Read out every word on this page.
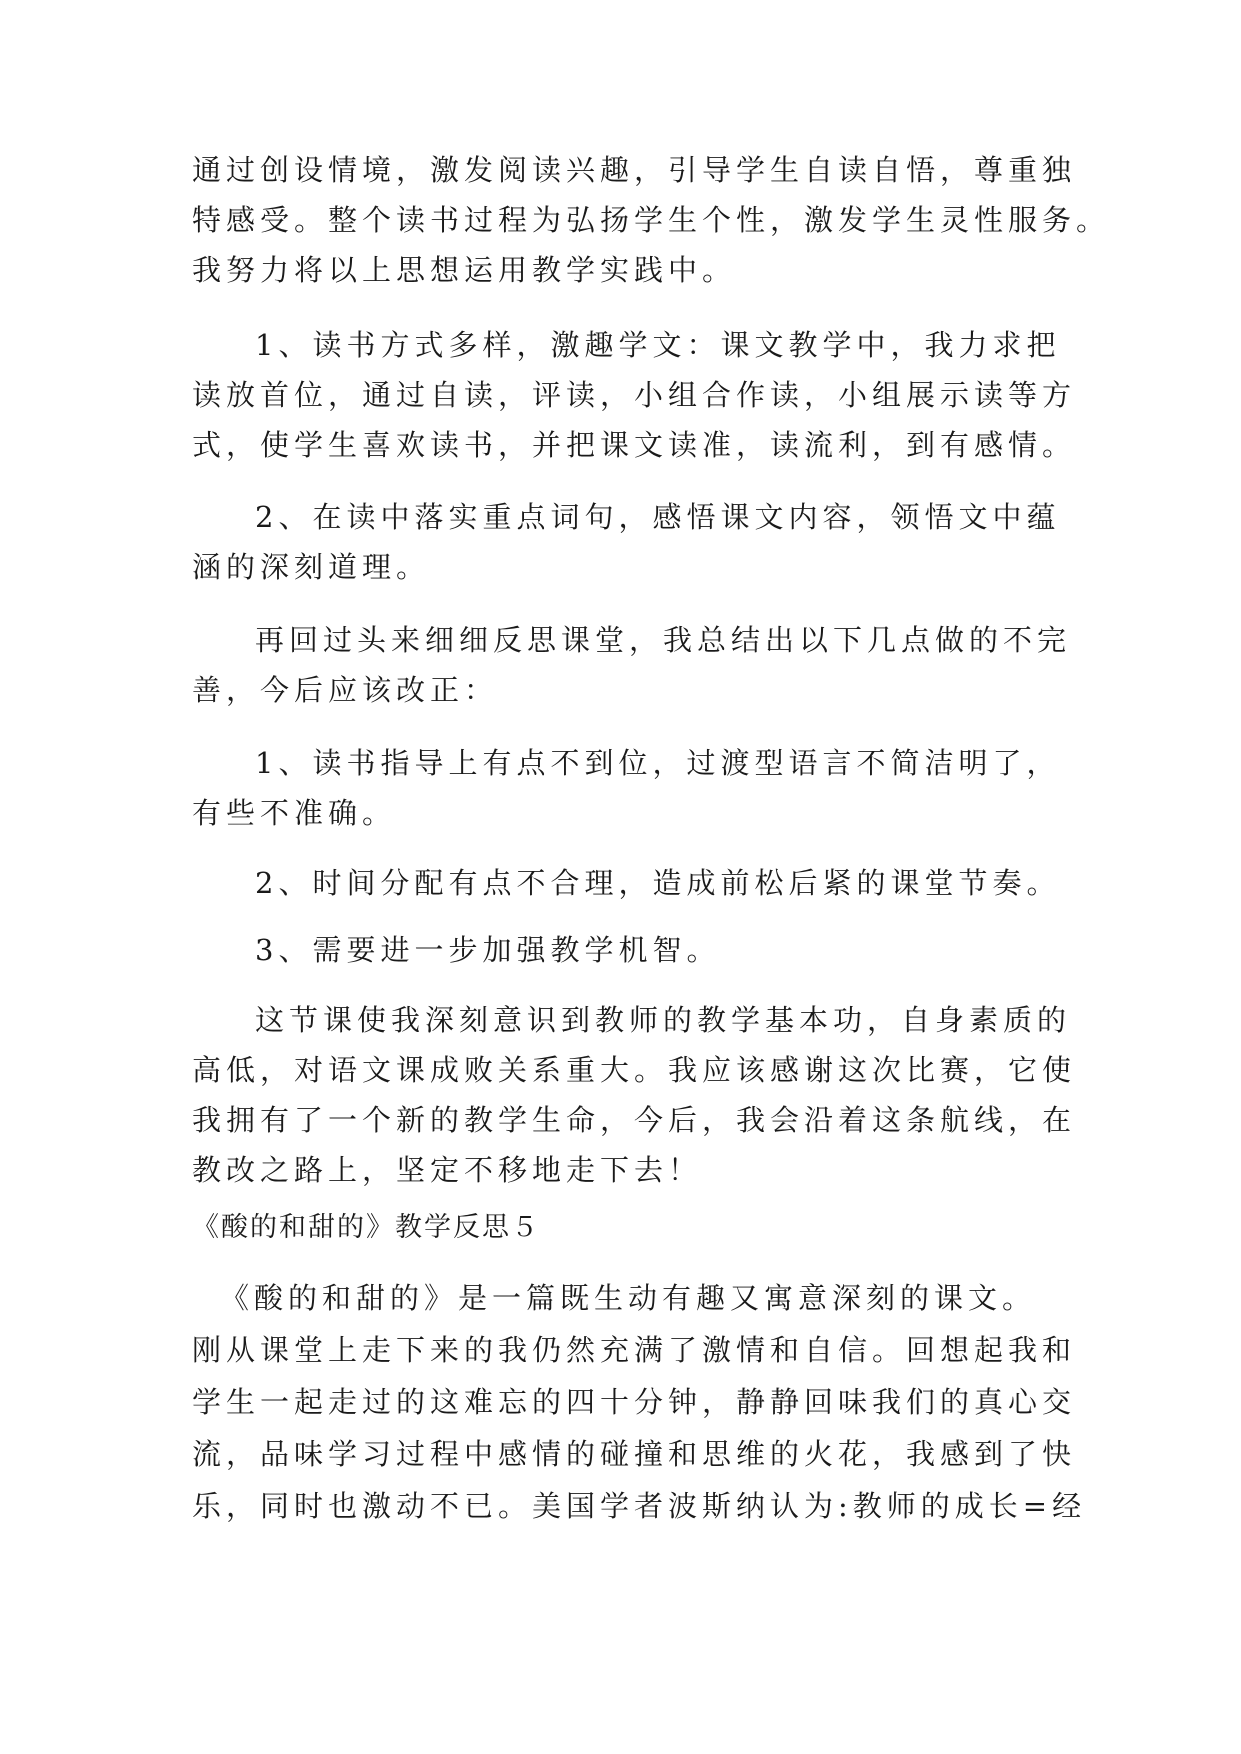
通过创设情境，激发阅读兴趣，引导学生自读自悟，尊重独
特感受。整个读书过程为弘扬学生个性，激发学生灵性服务。
我努力将以上思想运用教学实践中。
1、读书方式多样，激趣学文：课文教学中，我力求把
读放首位，通过自读，评读，小组合作读，小组展示读等方
式，使学生喜欢读书，并把课文读准，读流利，到有感情。
2、在读中落实重点词句，感悟课文内容，领悟文中蕴
涵的深刻道理。
再回过头来细细反思课堂，我总结出以下几点做的不完
善，今后应该改正：
1、读书指导上有点不到位，过渡型语言不简洁明了，
有些不准确。
2、时间分配有点不合理，造成前松后紧的课堂节奏。
3、需要进一步加强教学机智。
这节课使我深刻意识到教师的教学基本功，自身素质的
高低，对语文课成败关系重大。我应该感谢这次比赛，它使
我拥有了一个新的教学生命，今后，我会沿着这条航线，在
教改之路上，坚定不移地走下去！
《酸的和甜的》教学反思５
《酸的和甜的》是一篇既生动有趣又寓意深刻的课文。
刚从课堂上走下来的我仍然充满了激情和自信。回想起我和
学生一起走过的这难忘的四十分钟，静静回味我们的真心交
流，品味学习过程中感情的碰撞和思维的火花，我感到了快
乐，同时也激动不已。美国学者波斯纳认为:教师的成长=经
